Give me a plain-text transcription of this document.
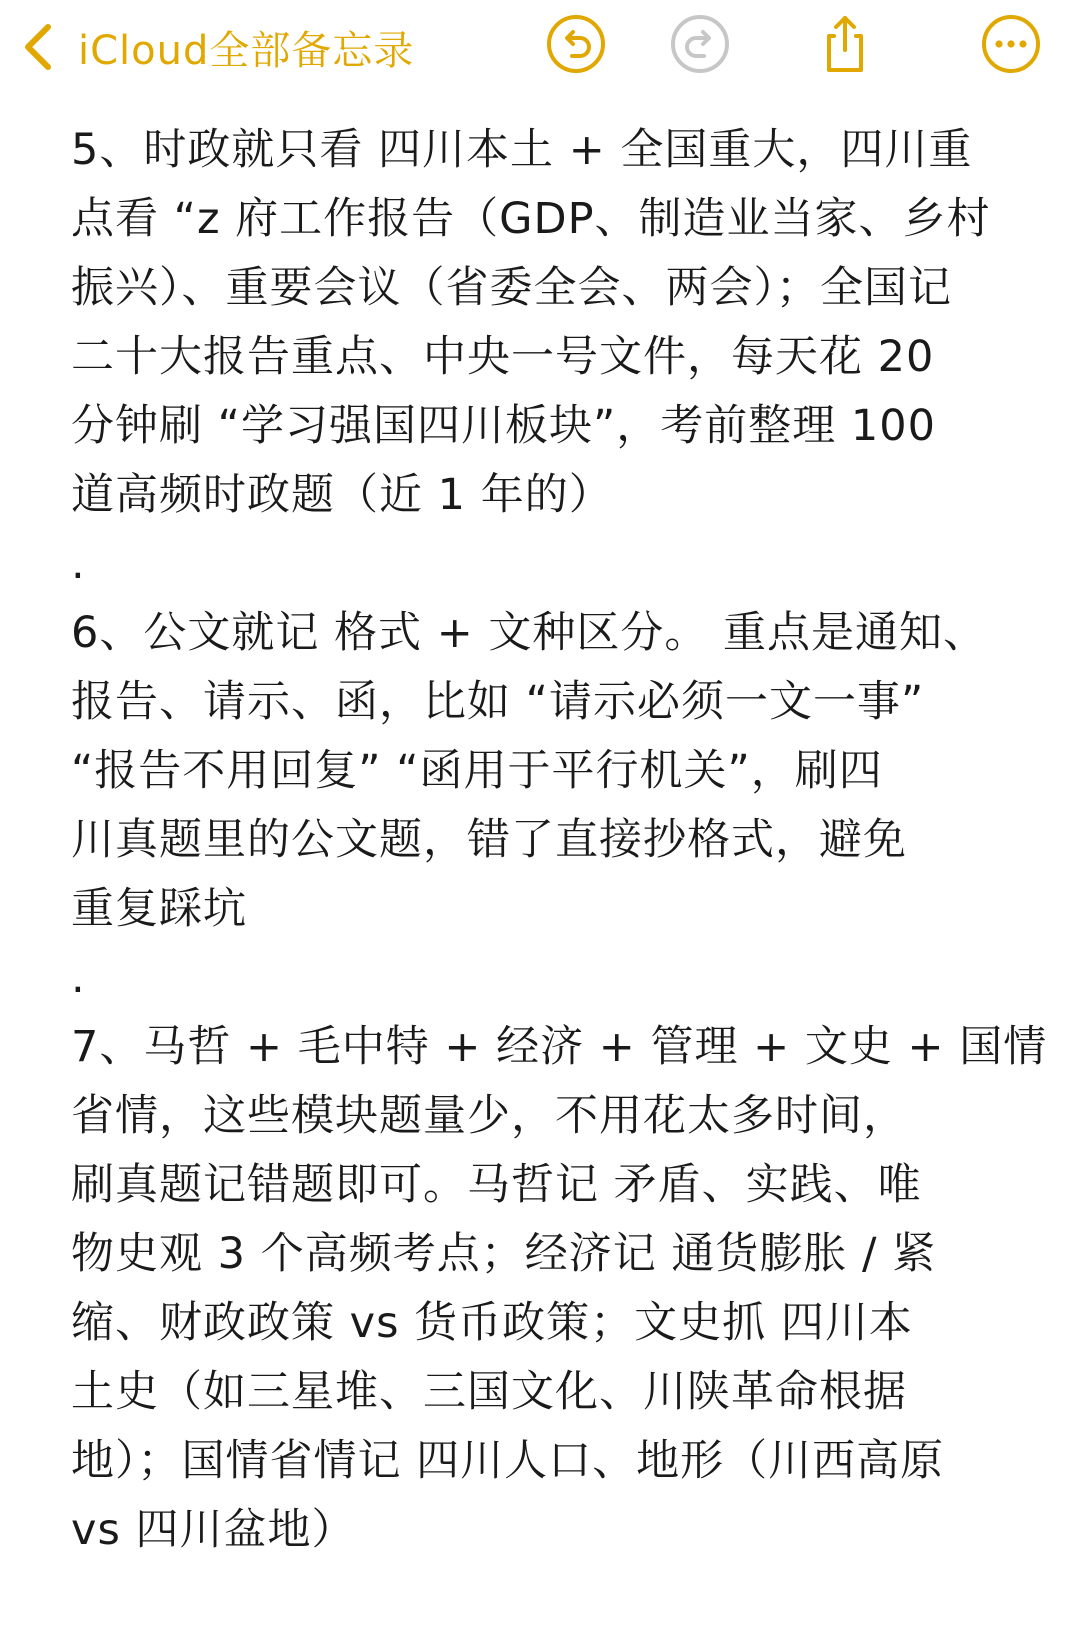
iCloud全部备忘录
5、时政就只看 四川本土 + 全国重大，四川重
点看 “z 府工作报告（GDP、制造业当家、乡村
振兴）、重要会议（省委全会、两会）；全国记
二十大报告重点、中央一号文件，每天花 20
分钟刷 “学习强国四川板块”，考前整理 100
道高频时政题（近 1 年的）
.
6、公文就记 格式 + 文种区分。 重点是通知、
报告、请示、函，比如 “请示必须一文一事”
“报告不用回复” “函用于平行机关”，刷四
川真题里的公文题，错了直接抄格式，避免
重复踩坑
.
7、马哲 + 毛中特 + 经济 + 管理 + 文史 + 国情
省情，这些模块题量少，不用花太多时间，
刷真题记错题即可。马哲记 矛盾、实践、唯
物史观 3 个高频考点；经济记 通货膨胀 / 紧
缩、财政政策 vs 货币政策；文史抓 四川本
土史（如三星堆、三国文化、川陕革命根据
地）；国情省情记 四川人口、地形（川西高原
vs 四川盆地）
